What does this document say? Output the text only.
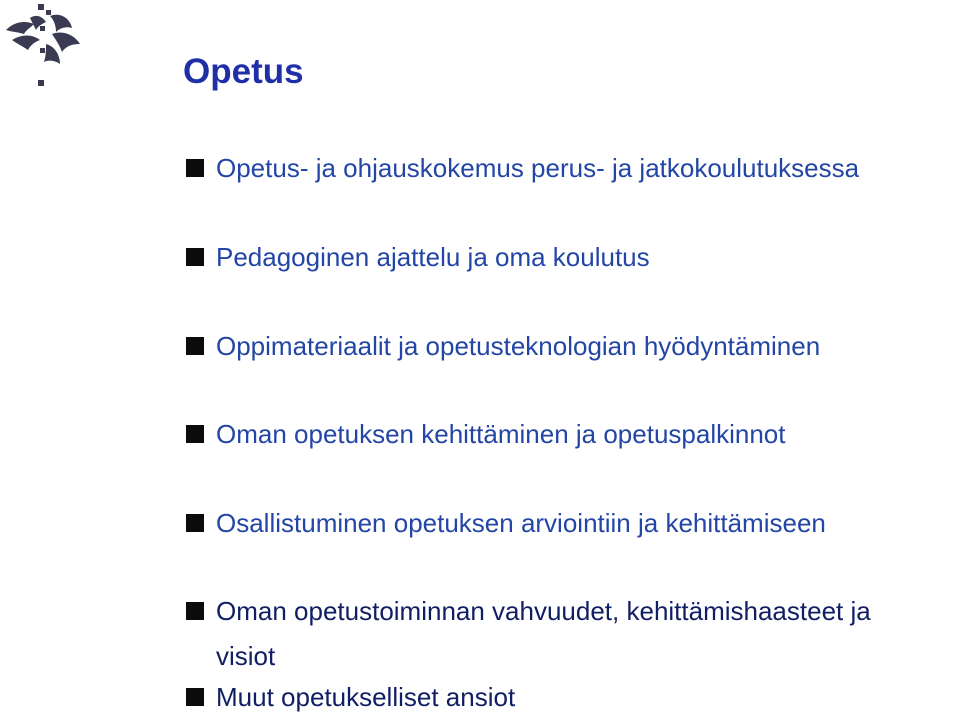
Opetus
Opetus- ja ohjauskokemus perus- ja jatkokoulutuksessa
Pedagoginen ajattelu ja oma koulutus
Oppimateriaalit ja opetusteknologian hyödyntäminen
Oman opetuksen kehittäminen ja opetuspalkinnot
Osallistuminen opetuksen arviointiin ja kehittämiseen
Oman opetustoiminnan vahvuudet, kehittämishaasteet ja
Muut opetukselliset ansiot
visiot
